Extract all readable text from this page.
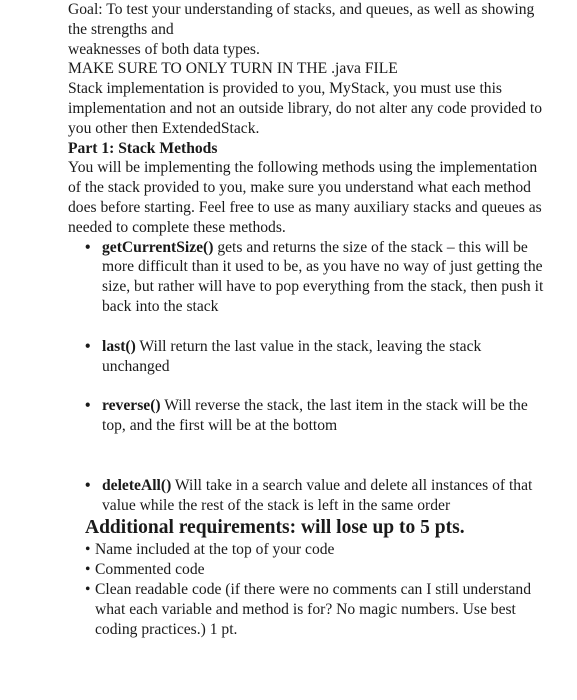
Goal: To test your understanding of stacks, and queues, as well as showing the strengths and

weaknesses of both data types.

MAKE SURE TO ONLY TURN IN THE .java FILE

Stack implementation is provided to you, MyStack, you must use this implementation and not an outside library, do not alter any code provided to you other then ExtendedStack.

Part 1: Stack Methods

You will be implementing the following methods using the implementation of the stack provided to you, make sure you understand what each method does before starting. Feel free to use as many auxiliary stacks and queues as needed to complete these methods.

• getCurrentSize() gets and returns the size of the stack – this will be more difficult than it used to be, as you have no way of just getting the size, but rather will have to pop everything from the stack, then push it back into the stack
• last() Will return the last value in the stack, leaving the stack unchanged
• reverse() Will reverse the stack, the last item in the stack will be the top, and the first will be at the bottom
• deleteAll() Will take in a search value and delete all instances of that value while the rest of the stack is left in the same order

Additional requirements: will lose up to 5 pts.

• Name included at the top of your code
• Commented code
• Clean readable code (if there were no comments can I still understand what each variable and method is for? No magic numbers. Use best coding practices.) 1 pt.
